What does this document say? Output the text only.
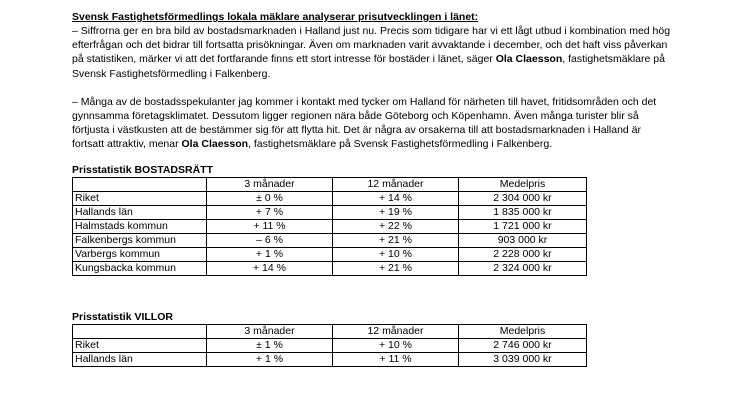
Svensk Fastighetsförmedlings lokala mäklare analyserar prisutvecklingen i länet:

– Siffrorna ger en bra bild av bostadsmarknaden i Halland just nu. Precis som tidigare har vi ett lågt utbud i kombination med hög efterfrågan och det bidrar till fortsatta prisökningar. Även om marknaden varit avvaktande i december, och det haft viss påverkan på statistiken, märker vi att det fortfarande finns ett stort intresse för bostäder i länet, säger Ola Claesson, fastighetsmäklare på Svensk Fastighetsförmedling i Falkenberg.

– Många av de bostadsspekulanter jag kommer i kontakt med tycker om Halland för närheten till havet, fritidsområden och det gynnsamma företagsklimatet. Dessutom ligger regionen nära både Göteborg och Köpenhamn. Även många turister blir så förtjusta i västkusten att de bestämmer sig för att flytta hit. Det är några av orsakerna till att bostadsmarknaden i Halland är fortsatt attraktiv, menar Ola Claesson, fastighetsmäklare på Svensk Fastighetsförmedling i Falkenberg.

Prisstatistik BOSTADSRÄTT

	3 månader	12 månader	Medelpris
Riket	± 0 %	+ 14 %	2 304 000 kr
Hallands län	+ 7 %	+ 19 %	1 835 000 kr
Halmstads kommun	+ 11 %	+ 22 %	1 721 000 kr
Falkenbergs kommun	– 6 %	+ 21 %	903 000 kr
Varbergs kommun	+ 1 %	+ 10 %	2 228 000 kr
Kungsbacka kommun	+ 14 %	+ 21 %	2 324 000 kr

Prisstatistik VILLOR

	3 månader	12 månader	Medelpris
Riket	± 1 %	+ 10 %	2 746 000 kr
Hallands län	+ 1 %	+ 11 %	3 039 000 kr
